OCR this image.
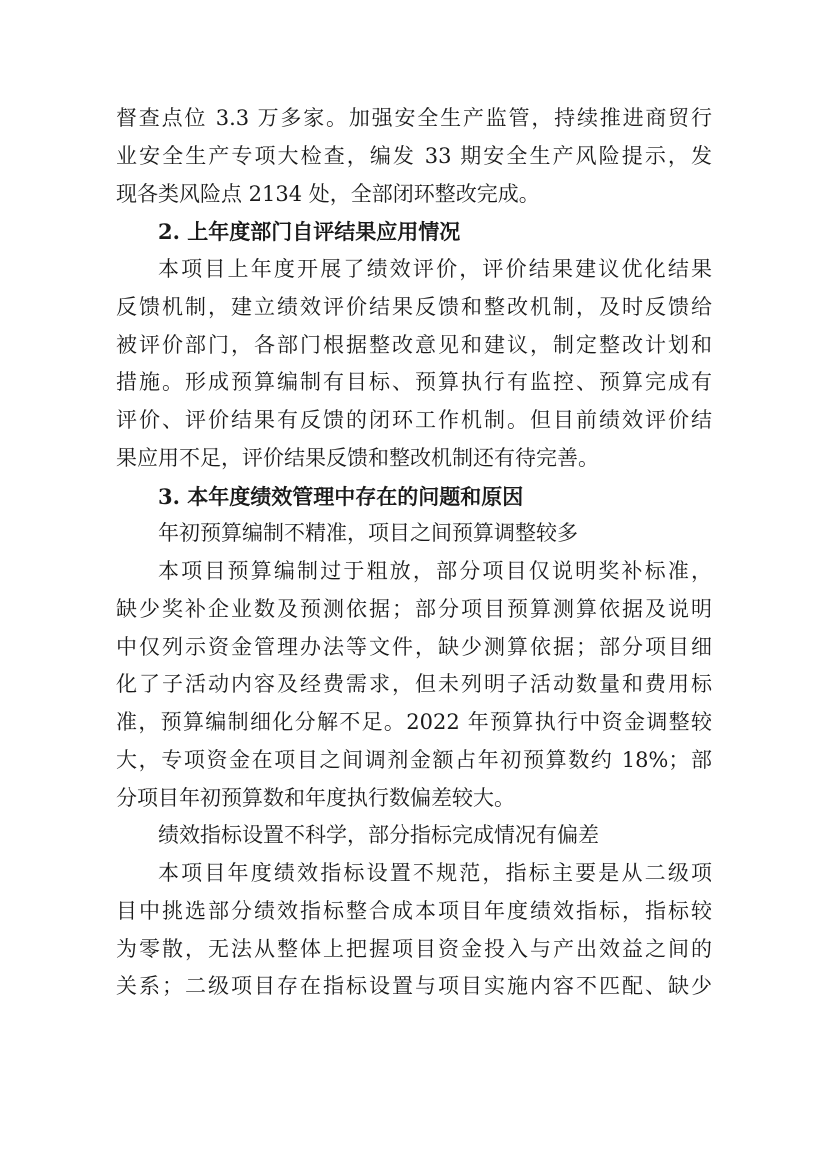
督查点位 3.3 万多家。加强安全生产监管，持续推进商贸行
业安全生产专项大检查，编发 33 期安全生产风险提示，发
现各类风险点 2134 处，全部闭环整改完成。
2. 上年度部门自评结果应用情况
本项目上年度开展了绩效评价，评价结果建议优化结果
反馈机制，建立绩效评价结果反馈和整改机制，及时反馈给
被评价部门，各部门根据整改意见和建议，制定整改计划和
措施。形成预算编制有目标、预算执行有监控、预算完成有
评价、评价结果有反馈的闭环工作机制。但目前绩效评价结
果应用不足，评价结果反馈和整改机制还有待完善。
3. 本年度绩效管理中存在的问题和原因
年初预算编制不精准，项目之间预算调整较多
本项目预算编制过于粗放，部分项目仅说明奖补标准，
缺少奖补企业数及预测依据；部分项目预算测算依据及说明
中仅列示资金管理办法等文件，缺少测算依据；部分项目细
化了子活动内容及经费需求，但未列明子活动数量和费用标
准，预算编制细化分解不足。2022 年预算执行中资金调整较
大，专项资金在项目之间调剂金额占年初预算数约 18%；部
分项目年初预算数和年度执行数偏差较大。
绩效指标设置不科学，部分指标完成情况有偏差
本项目年度绩效指标设置不规范，指标主要是从二级项
目中挑选部分绩效指标整合成本项目年度绩效指标，指标较
为零散，无法从整体上把握项目资金投入与产出效益之间的
关系；二级项目存在指标设置与项目实施内容不匹配、缺少
